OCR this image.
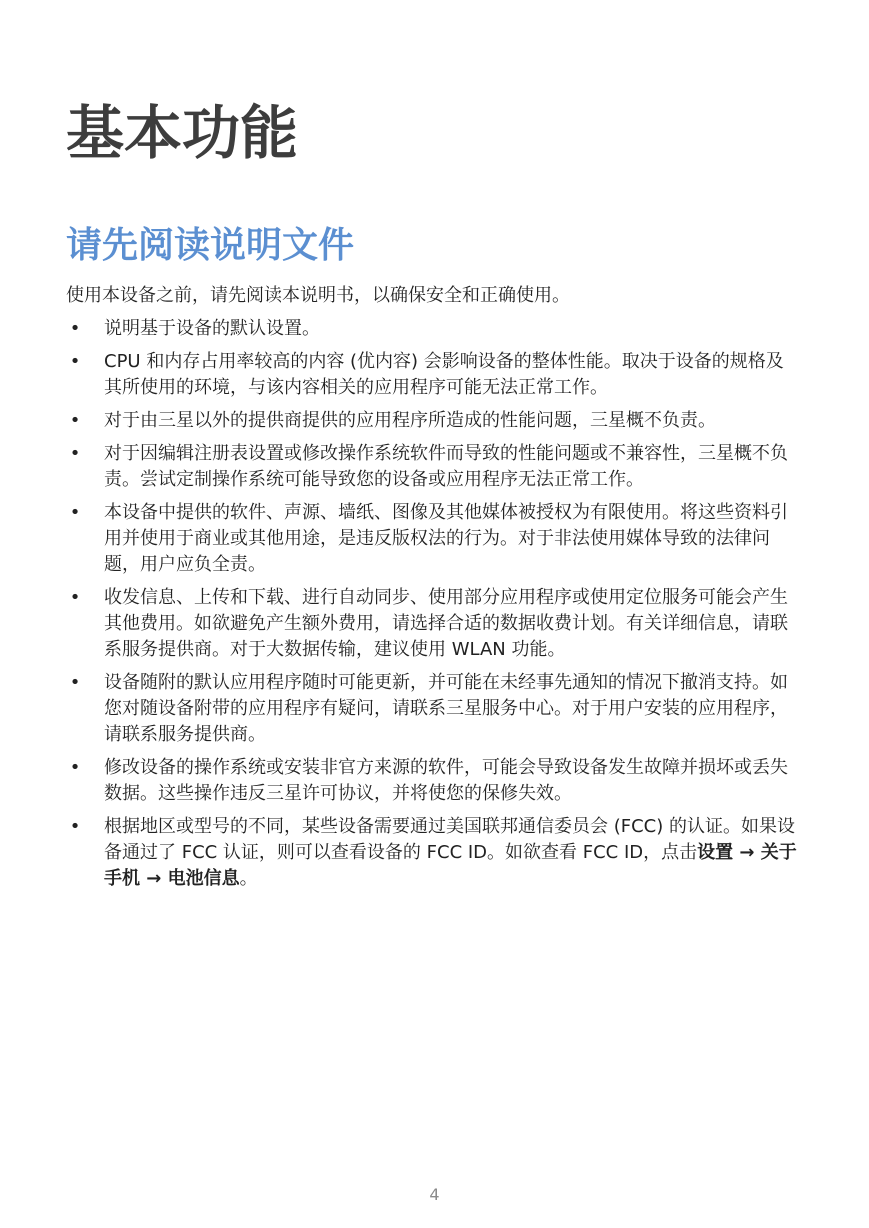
基本功能
请先阅读说明文件

使用本设备之前，请先阅读本说明书，以确保安全和正确使用。

• 说明基于设备的默认设置。
• CPU 和内存占用率较高的内容 (优内容) 会影响设备的整体性能。取决于设备的规格及其所使用的环境，与该内容相关的应用程序可能无法正常工作。
• 对于由三星以外的提供商提供的应用程序所造成的性能问题，三星概不负责。
• 对于因编辑注册表设置或修改操作系统软件而导致的性能问题或不兼容性，三星概不负责。尝试定制操作系统可能导致您的设备或应用程序无法正常工作。
• 本设备中提供的软件、声源、墙纸、图像及其他媒体被授权为有限使用。将这些资料引用并使用于商业或其他用途，是违反版权法的行为。对于非法使用媒体导致的法律问题，用户应负全责。
• 收发信息、上传和下载、进行自动同步、使用部分应用程序或使用定位服务可能会产生其他费用。如欲避免产生额外费用，请选择合适的数据收费计划。有关详细信息，请联系服务提供商。对于大数据传输，建议使用 WLAN 功能。
• 设备随附的默认应用程序随时可能更新，并可能在未经事先通知的情况下撤消支持。如您对随设备附带的应用程序有疑问，请联系三星服务中心。对于用户安装的应用程序，请联系服务提供商。
• 修改设备的操作系统或安装非官方来源的软件，可能会导致设备发生故障并损坏或丢失数据。这些操作违反三星许可协议，并将使您的保修失效。
• 根据地区或型号的不同，某些设备需要通过美国联邦通信委员会 (FCC) 的认证。如果设备通过了 FCC 认证，则可以查看设备的 FCC ID。如欲查看 FCC ID，点击设置 → 关于手机 → 电池信息。
4
